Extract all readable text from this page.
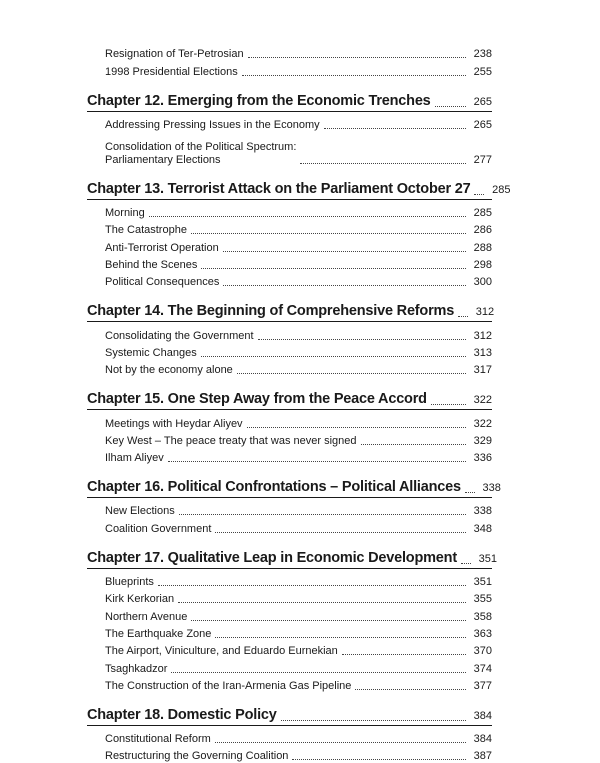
Resignation of Ter-Petrosian	238
1998 Presidential Elections	255
Chapter 12. Emerging from the Economic Trenches	265
Addressing Pressing Issues in the Economy	265
Consolidation of the Political Spectrum:
Parliamentary Elections	277
Chapter 13. Terrorist Attack on the Parliament October 27	285
Morning	285
The Catastrophe	286
Anti-Terrorist Operation	288
Behind the Scenes	298
Political Consequences	300
Chapter 14. The Beginning of Comprehensive Reforms	312
Consolidating the Government	312
Systemic Changes	313
Not by the economy alone	317
Chapter 15. One Step Away from the Peace Accord	322
Meetings with Heydar Aliyev	322
Key West – The peace treaty that was never signed	329
Ilham Aliyev	336
Chapter 16. Political Confrontations – Political Alliances	338
New Elections	338
Coalition Government	348
Chapter 17. Qualitative Leap in Economic Development	351
Blueprints	351
Kirk Kerkorian	355
Northern Avenue	358
The Earthquake Zone	363
The Airport, Viniculture, and Eduardo Eurnekian	370
Tsaghkadzor	374
The Construction of the Iran-Armenia Gas Pipeline	377
Chapter 18. Domestic Policy	384
Constitutional Reform	384
Restructuring the Governing Coalition	387
